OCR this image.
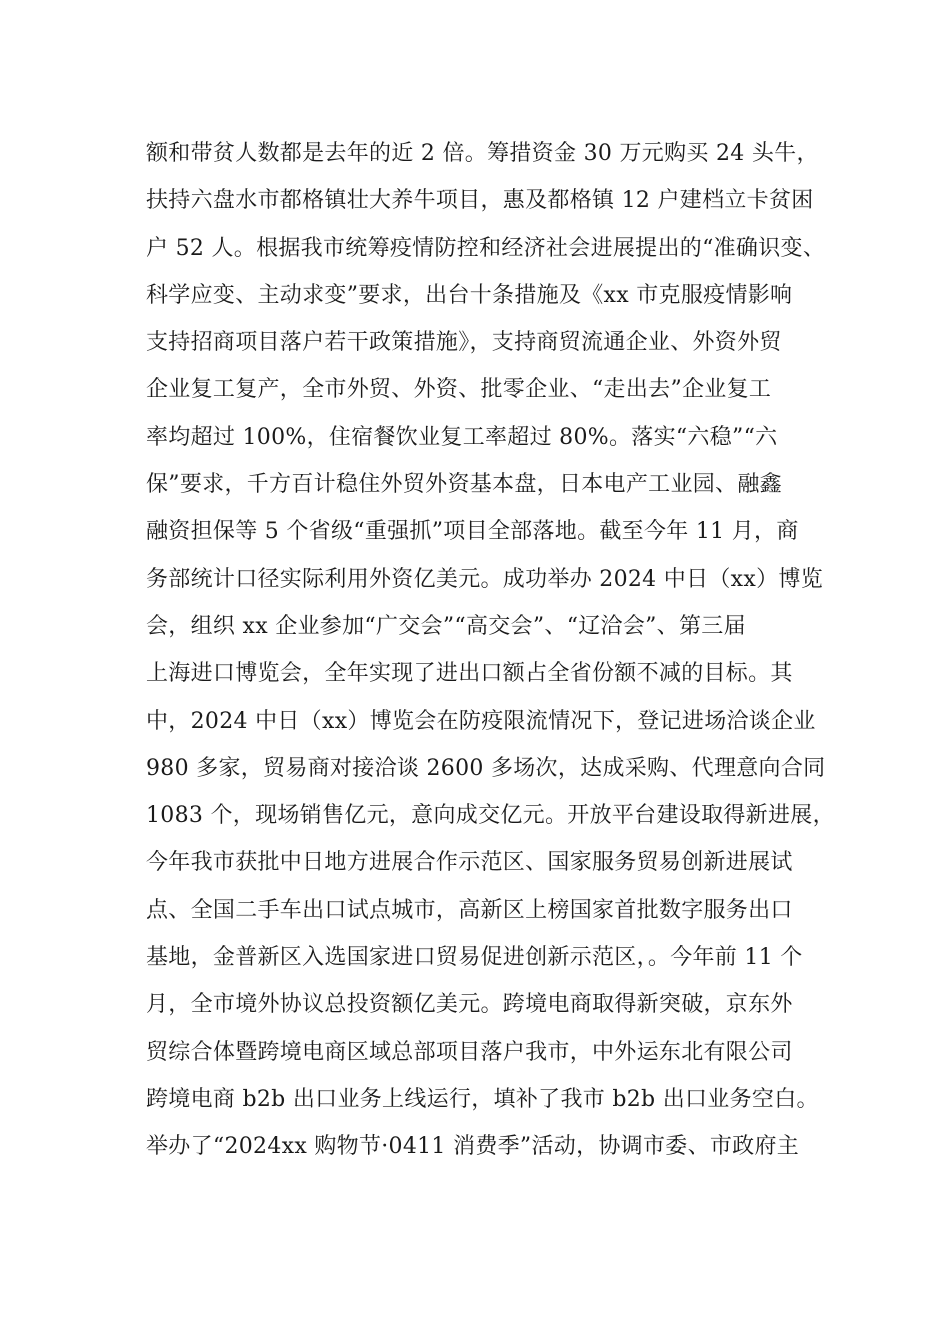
额和带贫人数都是去年的近 2 倍。筹措资金 30 万元购买 24 头牛，
扶持六盘水市都格镇壮大养牛项目，惠及都格镇 12 户建档立卡贫困
户 52 人。根据我市统筹疫情防控和经济社会进展提出的“准确识变、
科学应变、主动求变”要求，出台十条措施及《xx 市克服疫情影响
支持招商项目落户若干政策措施》，支持商贸流通企业、外资外贸
企业复工复产，全市外贸、外资、批零企业、“走出去”企业复工
率均超过 100%，住宿餐饮业复工率超过 80%。落实“六稳”“六
保”要求，千方百计稳住外贸外资基本盘，日本电产工业园、融鑫
融资担保等 5 个省级“重强抓”项目全部落地。截至今年 11 月，商
务部统计口径实际利用外资亿美元。成功举办 2024 中日（xx）博览
会，组织 xx 企业参加“广交会”“高交会”、“辽洽会”、第三届
上海进口博览会，全年实现了进出口额占全省份额不减的目标。其
中，2024 中日（xx）博览会在防疫限流情况下，登记进场洽谈企业
980 多家，贸易商对接洽谈 2600 多场次，达成采购、代理意向合同
1083 个，现场销售亿元，意向成交亿元。开放平台建设取得新进展，
今年我市获批中日地方进展合作示范区、国家服务贸易创新进展试
点、全国二手车出口试点城市，高新区上榜国家首批数字服务出口
基地，金普新区入选国家进口贸易促进创新示范区，。今年前 11 个
月，全市境外协议总投资额亿美元。跨境电商取得新突破，京东外
贸综合体暨跨境电商区域总部项目落户我市，中外运东北有限公司
跨境电商 b2b 出口业务上线运行，填补了我市 b2b 出口业务空白。
举办了“2024xx 购物节·0411 消费季”活动，协调市委、市政府主
